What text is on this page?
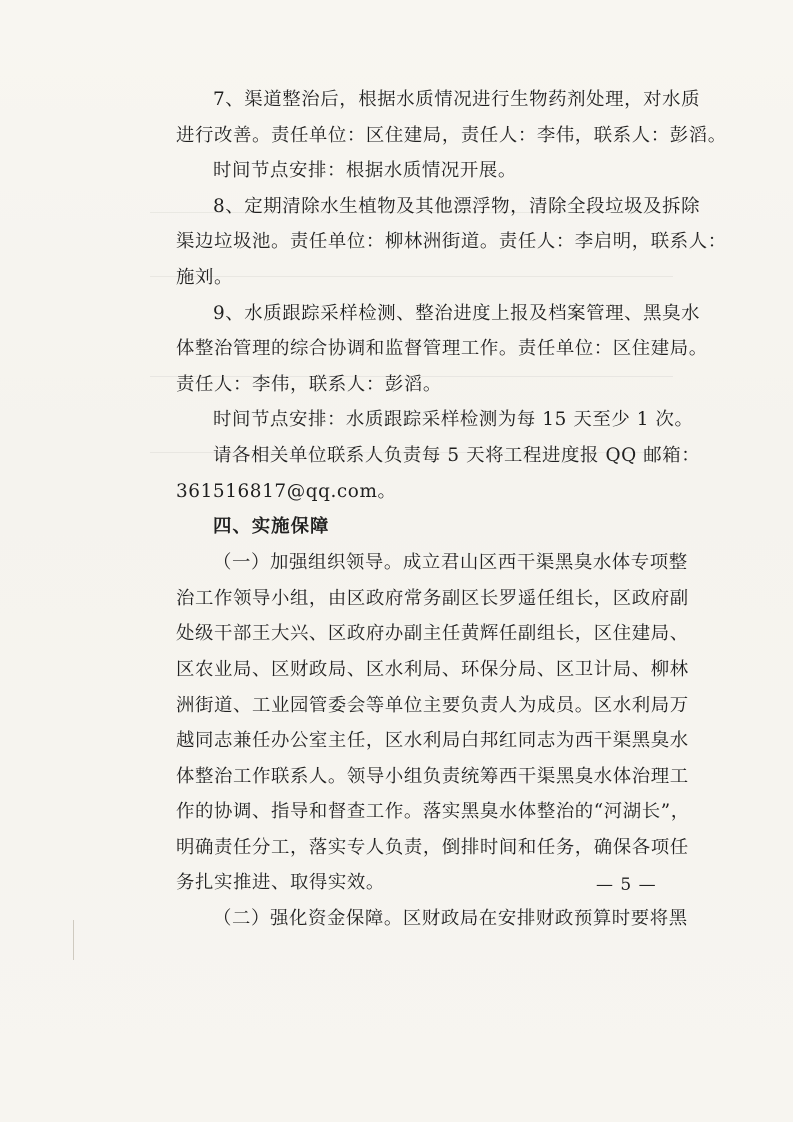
7、渠道整治后，根据水质情况进行生物药剂处理，对水质

进行改善。责任单位：区住建局，责任人：李伟，联系人：彭滔。

时间节点安排：根据水质情况开展。

8、定期清除水生植物及其他漂浮物，清除全段垃圾及拆除

渠边垃圾池。责任单位：柳林洲街道。责任人：李启明，联系人：

施刘。

9、水质跟踪采样检测、整治进度上报及档案管理、黑臭水

体整治管理的综合协调和监督管理工作。责任单位：区住建局。

责任人：李伟，联系人：彭滔。

时间节点安排：水质跟踪采样检测为每 15 天至少 1 次。

请各相关单位联系人负责每 5 天将工程进度报 QQ 邮箱：

361516817@qq.com。

四、实施保障

（一）加强组织领导。成立君山区西干渠黑臭水体专项整

治工作领导小组，由区政府常务副区长罗遥任组长，区政府副

处级干部王大兴、区政府办副主任黄辉任副组长，区住建局、

区农业局、区财政局、区水利局、环保分局、区卫计局、柳林

洲街道、工业园管委会等单位主要负责人为成员。区水利局万

越同志兼任办公室主任，区水利局白邦红同志为西干渠黑臭水

体整治工作联系人。领导小组负责统筹西干渠黑臭水体治理工

作的协调、指导和督查工作。落实黑臭水体整治的“河湖长”，

明确责任分工，落实专人负责，倒排时间和任务，确保各项任

务扎实推进、取得实效。

（二）强化资金保障。区财政局在安排财政预算时要将黑

— 5 —
